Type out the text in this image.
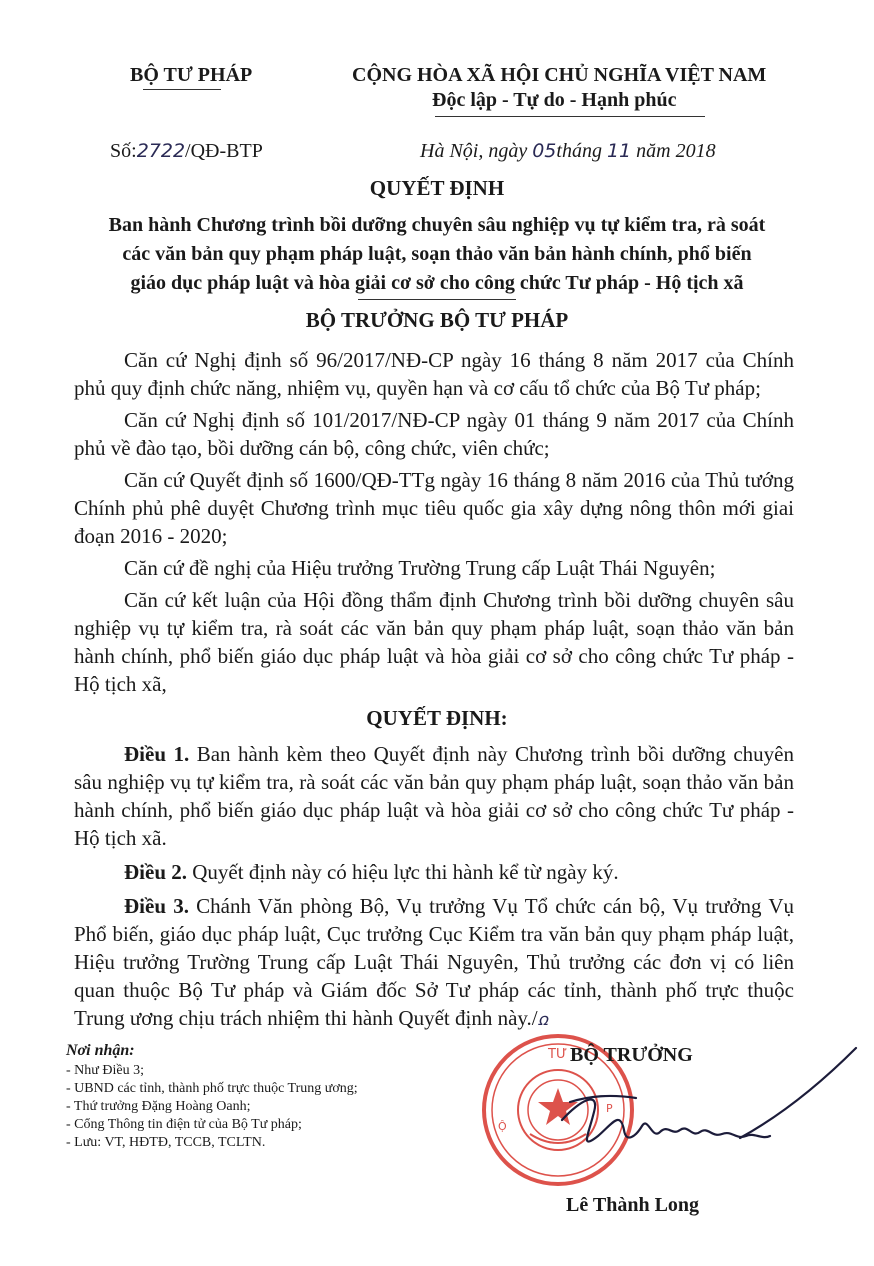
BỘ TƯ PHÁP	CỘNG HÒA XÃ HỘI CHỦ NGHĨA VIỆT NAM
Độc lập - Tự do - Hạnh phúc
Số:2722/QĐ-BTP	Hà Nội, ngày 05tháng 11 năm 2018
QUYẾT ĐỊNH
Ban hành Chương trình bồi dưỡng chuyên sâu nghiệp vụ tự kiểm tra, rà soát
các văn bản quy phạm pháp luật, soạn thảo văn bản hành chính, phổ biến
giáo dục pháp luật và hòa giải cơ sở cho công chức Tư pháp - Hộ tịch xã
BỘ TRƯỞNG BỘ TƯ PHÁP

Căn cứ Nghị định số 96/2017/NĐ-CP ngày 16 tháng 8 năm 2017 của Chính phủ quy định chức năng, nhiệm vụ, quyền hạn và cơ cấu tổ chức của Bộ Tư pháp;

Căn cứ Nghị định số 101/2017/NĐ-CP ngày 01 tháng 9 năm 2017 của Chính phủ về đào tạo, bồi dưỡng cán bộ, công chức, viên chức;

Căn cứ Quyết định số 1600/QĐ-TTg ngày 16 tháng 8 năm 2016 của Thủ tướng Chính phủ phê duyệt Chương trình mục tiêu quốc gia xây dựng nông thôn mới giai đoạn 2016 - 2020;

Căn cứ đề nghị của Hiệu trưởng Trường Trung cấp Luật Thái Nguyên;

Căn cứ kết luận của Hội đồng thẩm định Chương trình bồi dưỡng chuyên sâu nghiệp vụ tự kiểm tra, rà soát các văn bản quy phạm pháp luật, soạn thảo văn bản hành chính, phổ biến giáo dục pháp luật và hòa giải cơ sở cho công chức Tư pháp - Hộ tịch xã,

QUYẾT ĐỊNH:

Điều 1. Ban hành kèm theo Quyết định này Chương trình bồi dưỡng chuyên sâu nghiệp vụ tự kiểm tra, rà soát các văn bản quy phạm pháp luật, soạn thảo văn bản hành chính, phổ biến giáo dục pháp luật và hòa giải cơ sở cho công chức Tư pháp - Hộ tịch xã.

Điều 2. Quyết định này có hiệu lực thi hành kể từ ngày ký.

Điều 3. Chánh Văn phòng Bộ, Vụ trưởng Vụ Tổ chức cán bộ, Vụ trưởng Vụ Phổ biến, giáo dục pháp luật, Cục trưởng Cục Kiểm tra văn bản quy phạm pháp luật, Hiệu trưởng Trường Trung cấp Luật Thái Nguyên, Thủ trưởng các đơn vị có liên quan thuộc Bộ Tư pháp và Giám đốc Sở Tư pháp các tỉnh, thành phố trực thuộc Trung ương chịu trách nhiệm thi hành Quyết định này./ꭥ

Nơi nhận:
- Như Điều 3;
- UBND các tỉnh, thành phố trực thuộc Trung ương;
- Thứ trưởng Đặng Hoàng Oanh;
- Cổng Thông tin điện tử của Bộ Tư pháp;
- Lưu: VT, HĐTĐ, TCCB, TCLTN.
TƯ
P
Ộ
BỘ TRƯỞNG
Lê Thành Long
